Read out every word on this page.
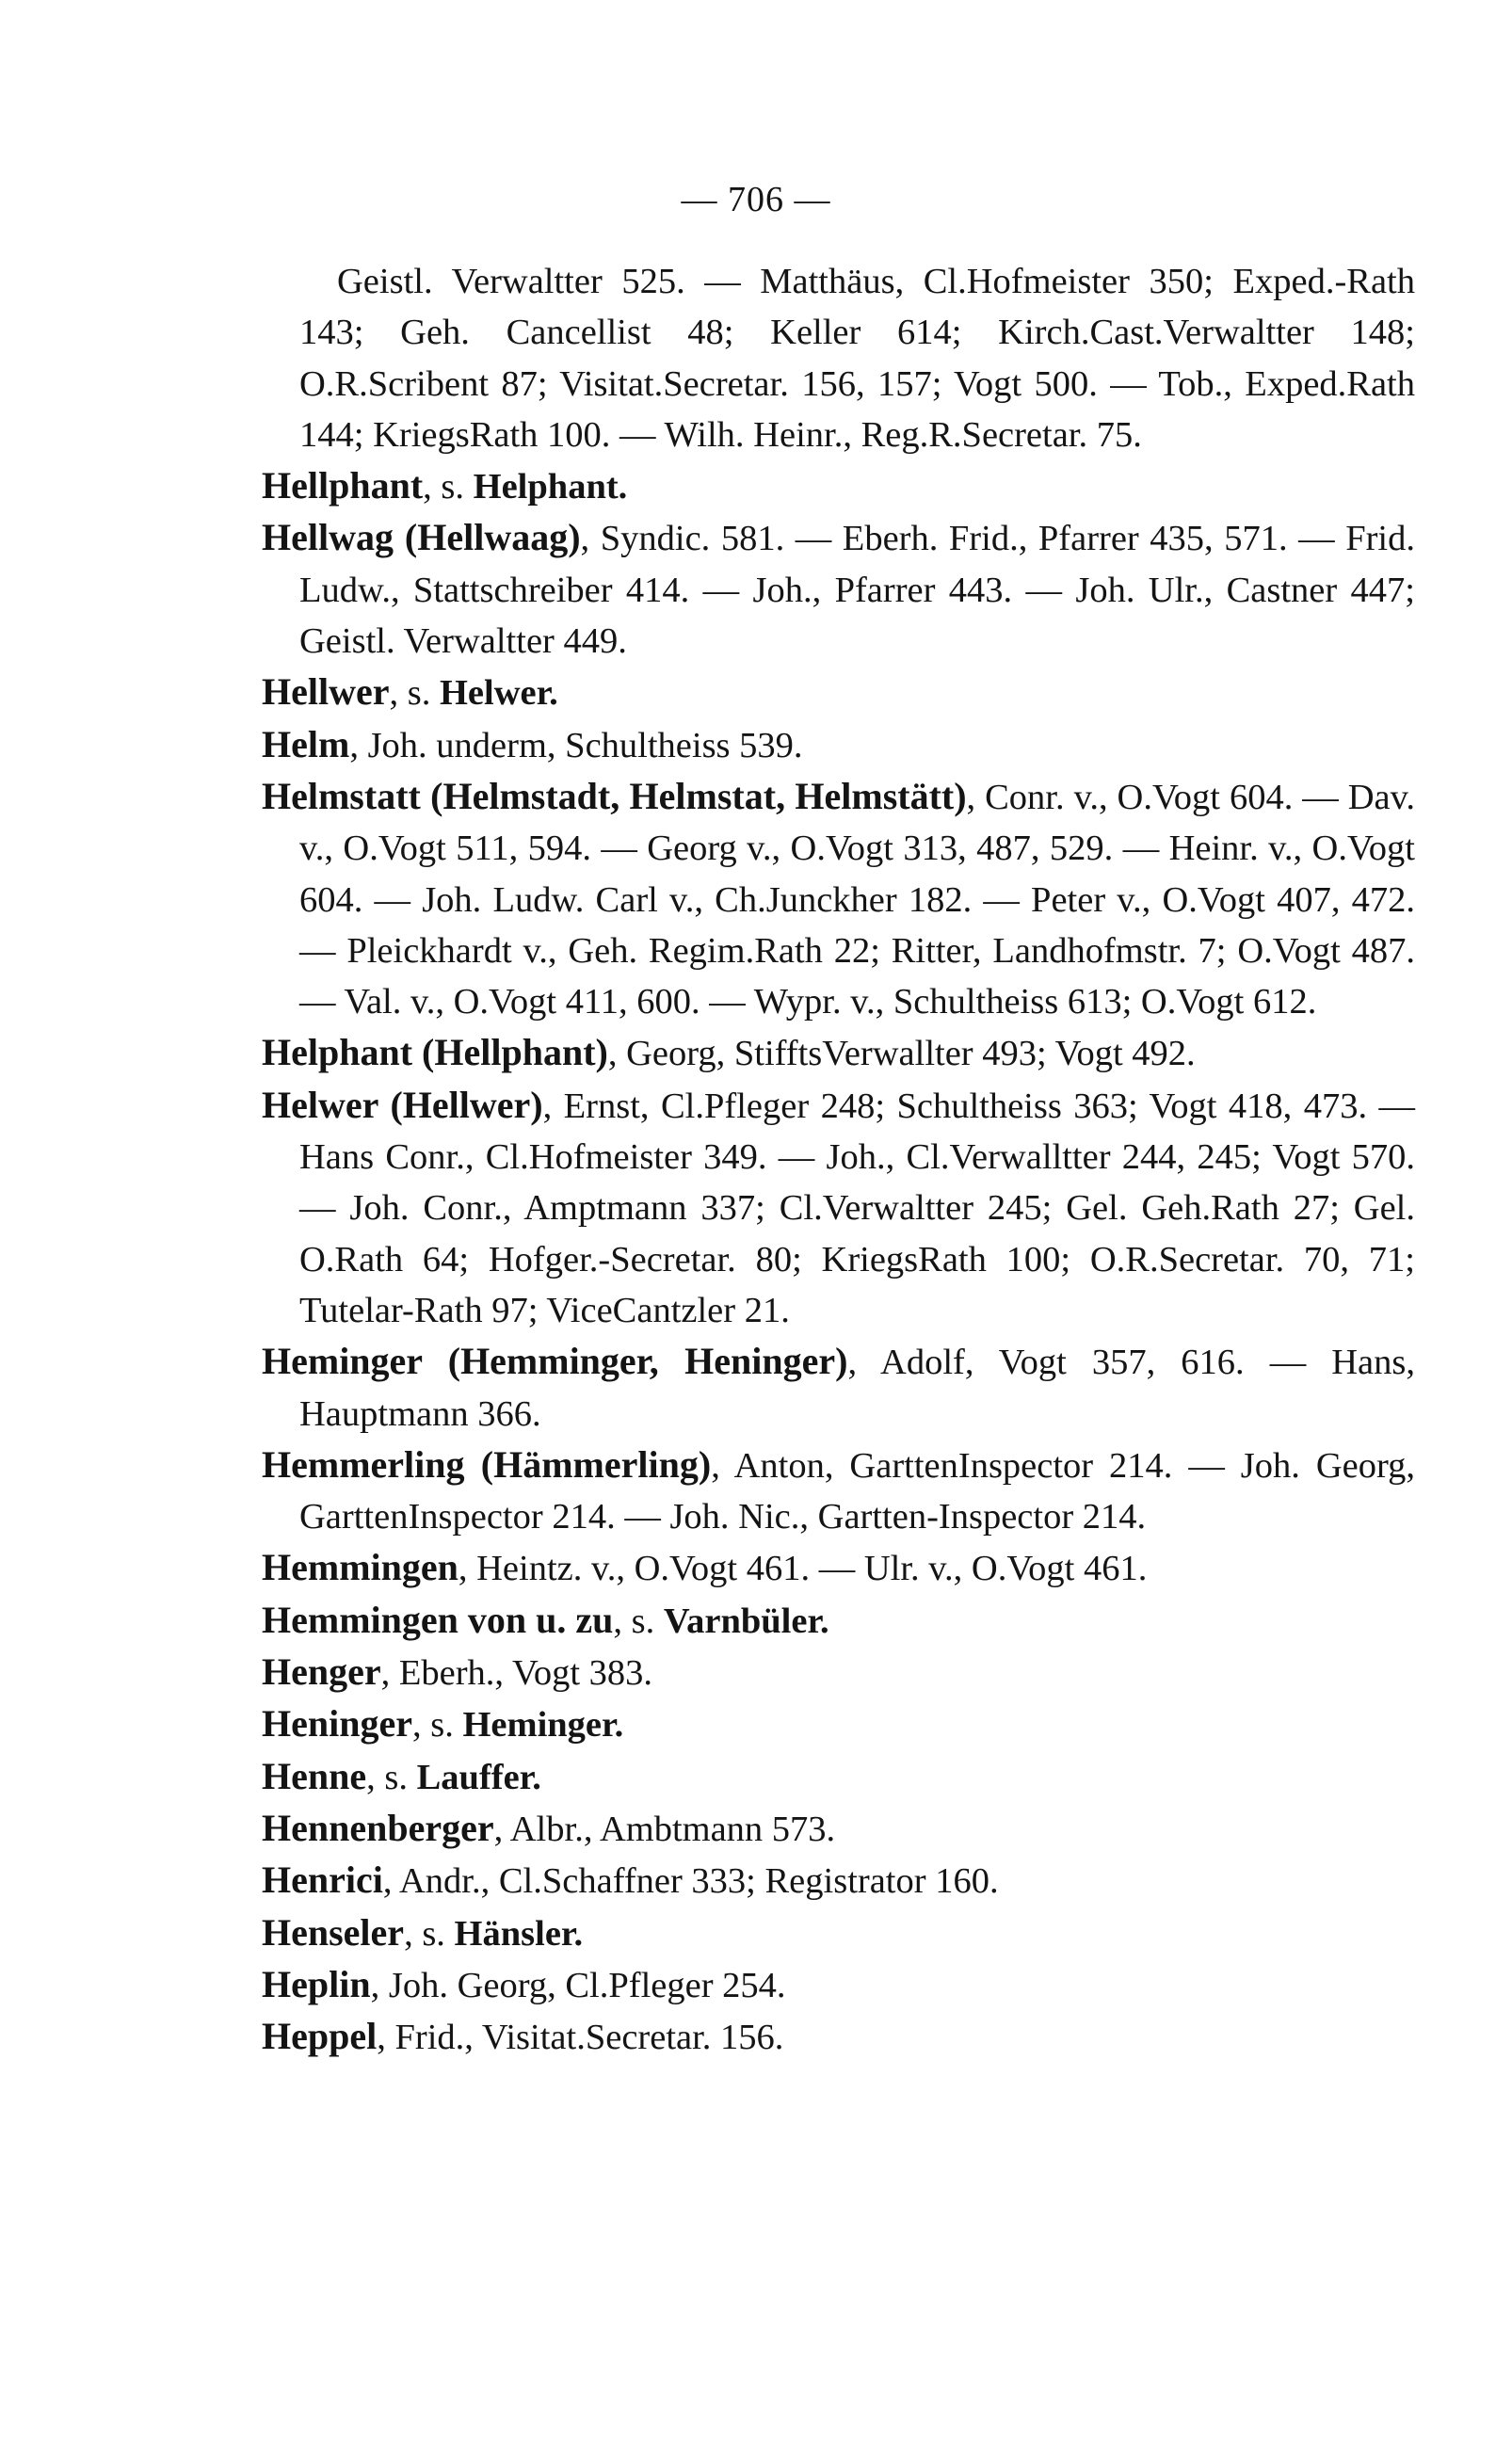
— 706 —

Geistl. Verwaltter 525. — Matthäus, Cl.Hofmeister 350; Exped.-Rath 143; Geh. Cancellist 48; Keller 614; Kirch.Cast.Verwaltter 148; O.R.Scribent 87; Visitat.Secretar. 156, 157; Vogt 500. — Tob., Exped.Rath 144; KriegsRath 100. — Wilh. Heinr., Reg.R.Secretar. 75.

Hellphant, s. Helphant.

Hellwag (Hellwaag), Syndic. 581. — Eberh. Frid., Pfarrer 435, 571. — Frid. Ludw., Stattschreiber 414. — Joh., Pfarrer 443. — Joh. Ulr., Castner 447; Geistl. Verwaltter 449.

Hellwer, s. Helwer.

Helm, Joh. underm, Schultheiss 539.

Helmstatt (Helmstadt, Helmstat, Helmstätt), Conr. v., O.Vogt 604. — Dav. v., O.Vogt 511, 594. — Georg v., O.Vogt 313, 487, 529. — Heinr. v., O.Vogt 604. — Joh. Ludw. Carl v., Ch.Junckher 182. — Peter v., O.Vogt 407, 472. — Pleickhardt v., Geh. Regim.Rath 22; Ritter, Landhofmstr. 7; O.Vogt 487. — Val. v., O.Vogt 411, 600. — Wypr. v., Schultheiss 613; O.Vogt 612.

Helphant (Hellphant), Georg, StifftsVerwallter 493; Vogt 492.

Helwer (Hellwer), Ernst, Cl.Pfleger 248; Schultheiss 363; Vogt 418, 473. — Hans Conr., Cl.Hofmeister 349. — Joh., Cl.Verwalltter 244, 245; Vogt 570. — Joh. Conr., Amptmann 337; Cl.Verwaltter 245; Gel. Geh.Rath 27; Gel. O.Rath 64; Hofger.-Secretar. 80; KriegsRath 100; O.R.Secretar. 70, 71; Tutelar-Rath 97; ViceCantzler 21.

Heminger (Hemminger, Heninger), Adolf, Vogt 357, 616. — Hans, Hauptmann 366.

Hemmerling (Hämmerling), Anton, GarttenInspector 214. — Joh. Georg, GarttenInspector 214. — Joh. Nic., Gartten-Inspector 214.

Hemmingen, Heintz. v., O.Vogt 461. — Ulr. v., O.Vogt 461.

Hemmingen von u. zu, s. Varnbüler.

Henger, Eberh., Vogt 383.

Heninger, s. Heminger.

Henne, s. Lauffer.

Hennenberger, Albr., Ambtmann 573.

Henrici, Andr., Cl.Schaffner 333; Registrator 160.

Henseler, s. Hänsler.

Heplin, Joh. Georg, Cl.Pfleger 254.

Heppel, Frid., Visitat.Secretar. 156.
